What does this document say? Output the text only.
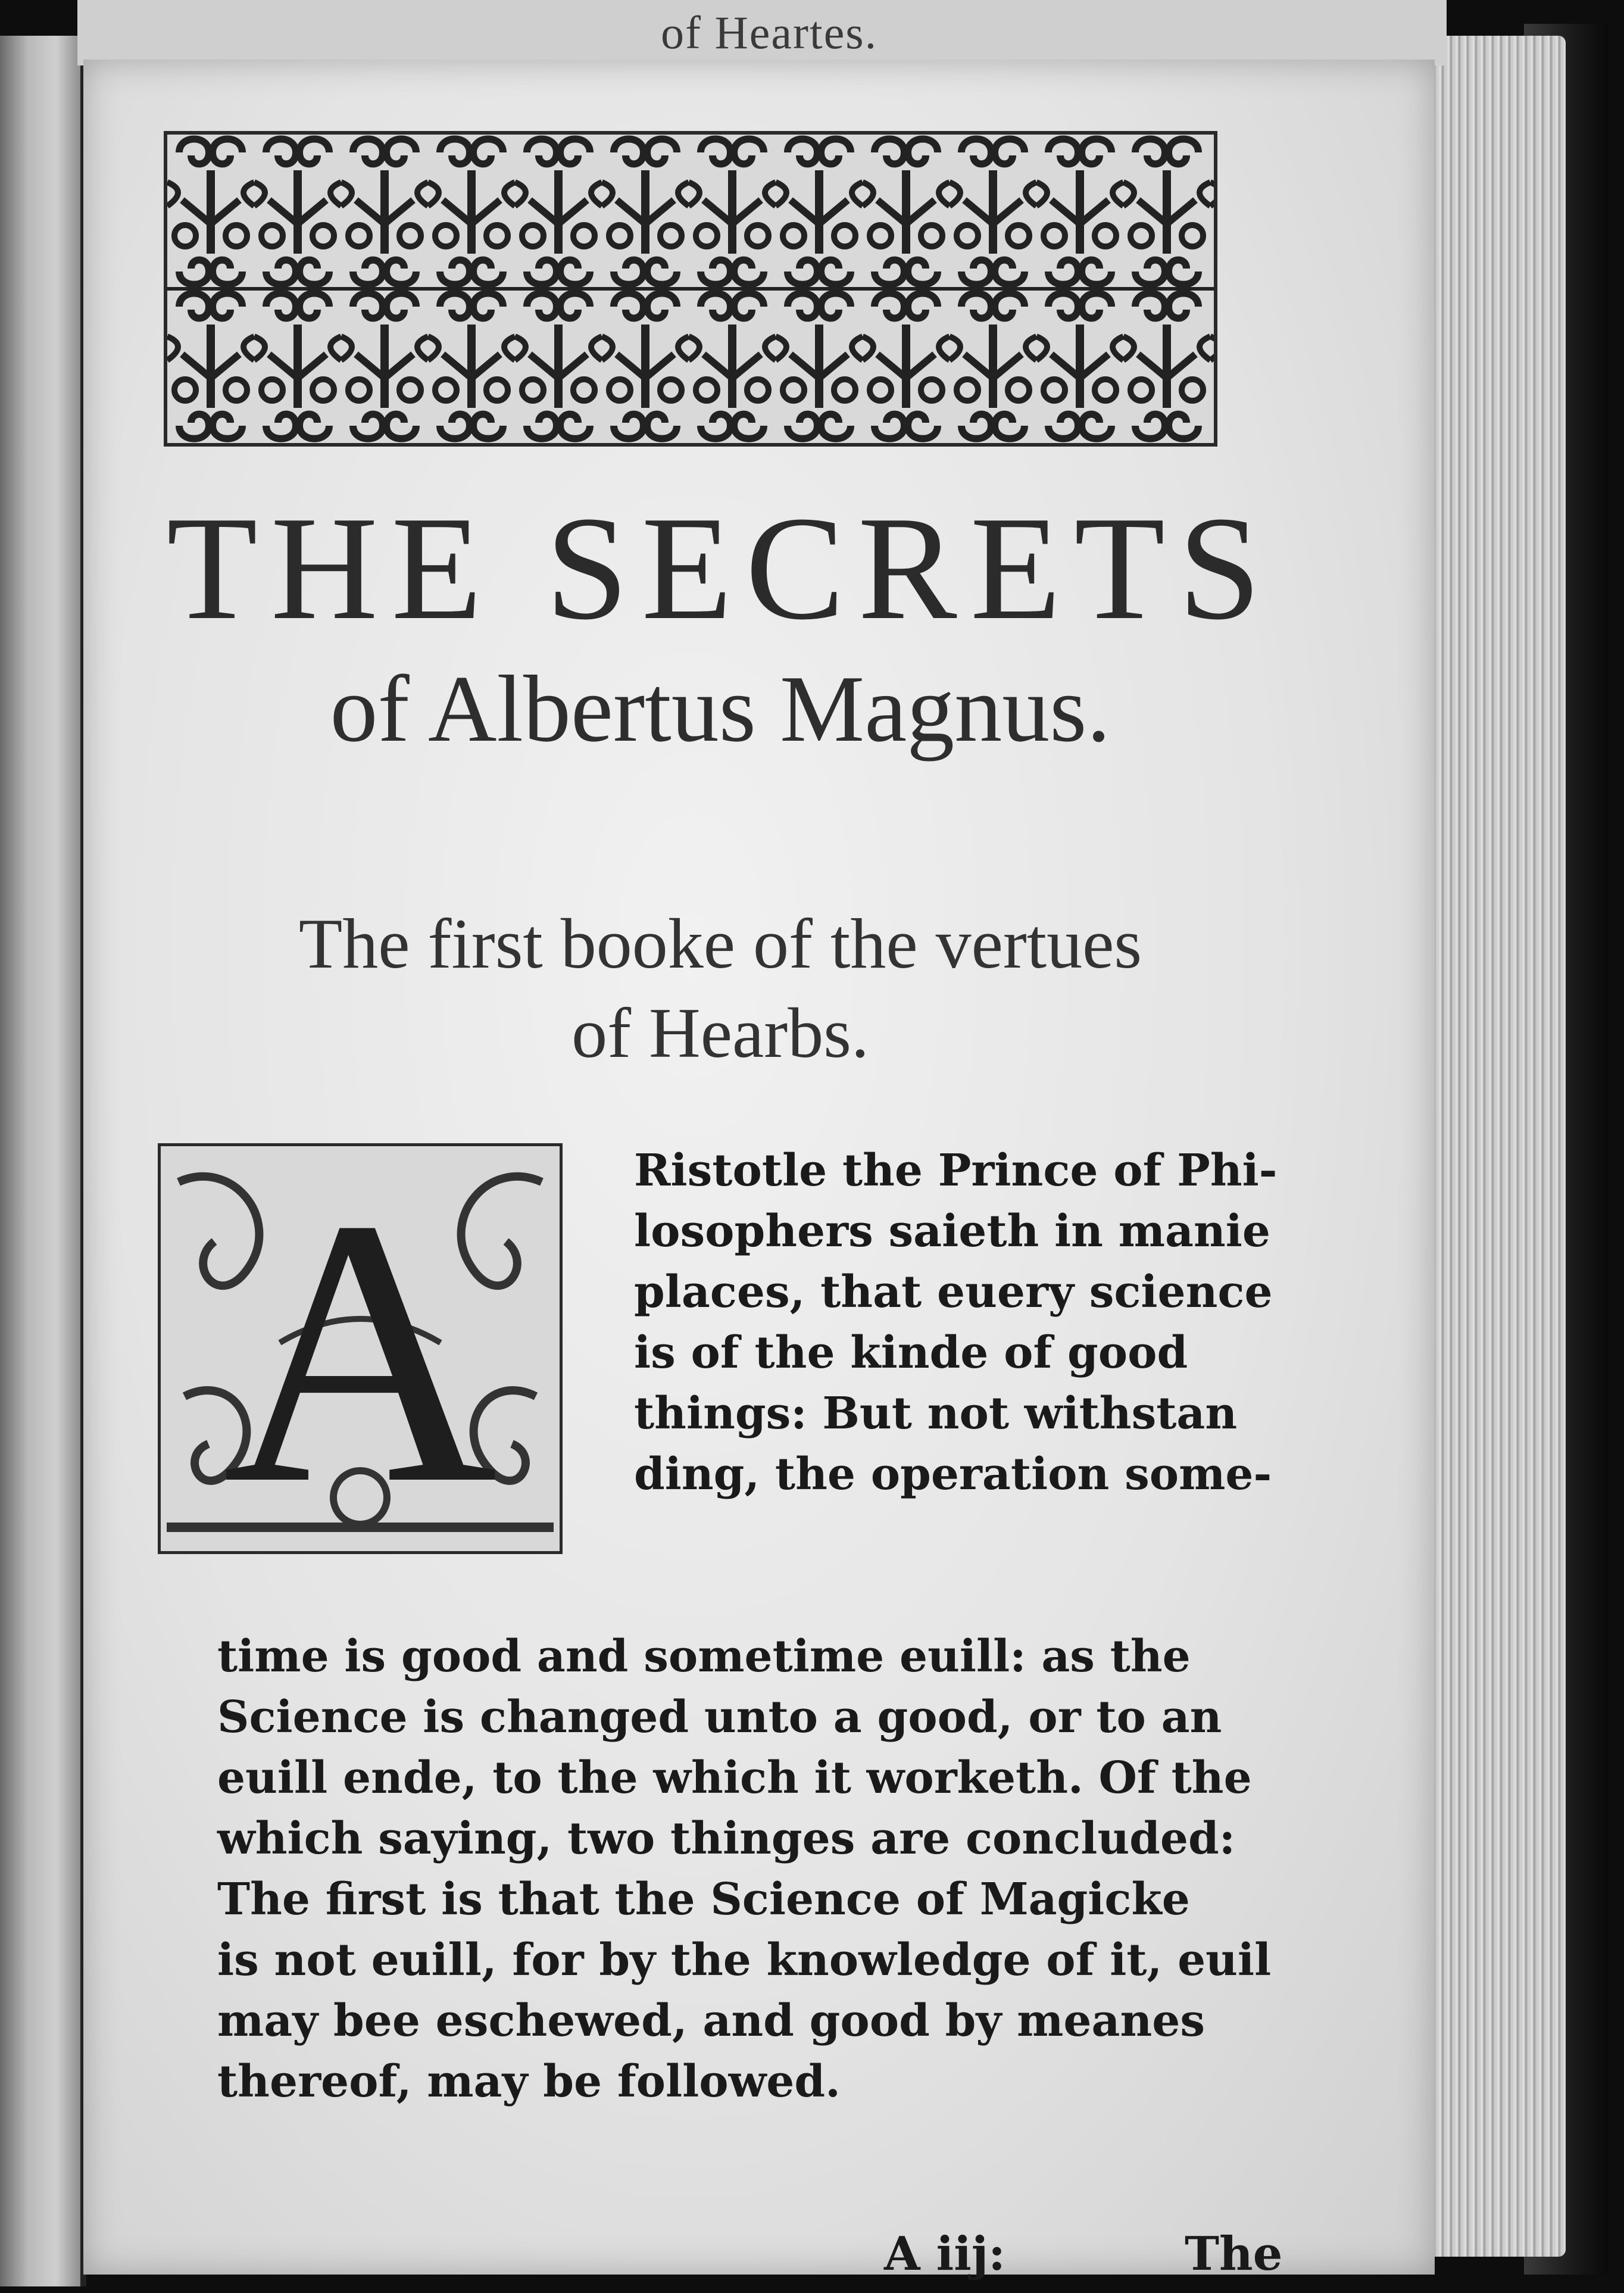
of Heartes.
THE SECRETS
of Albertus Magnus.
The first booke of the vertues
of Hearbs.
A	Ristotle the Prince of Phi-
losophers saieth in manie
places, that euery science
is of the kinde of good
things: But not withstan
ding, the operation some-
time is good and sometime euill: as the
Science is changed unto a good, or to an
euill ende, to the which it worketh. Of the
which saying, two thinges are concluded:
The first is that the Science of Magicke
is not euill, for by the knowledge of it, euil
may bee eschewed, and good by meanes
thereof, may be followed.
A iij:	The
